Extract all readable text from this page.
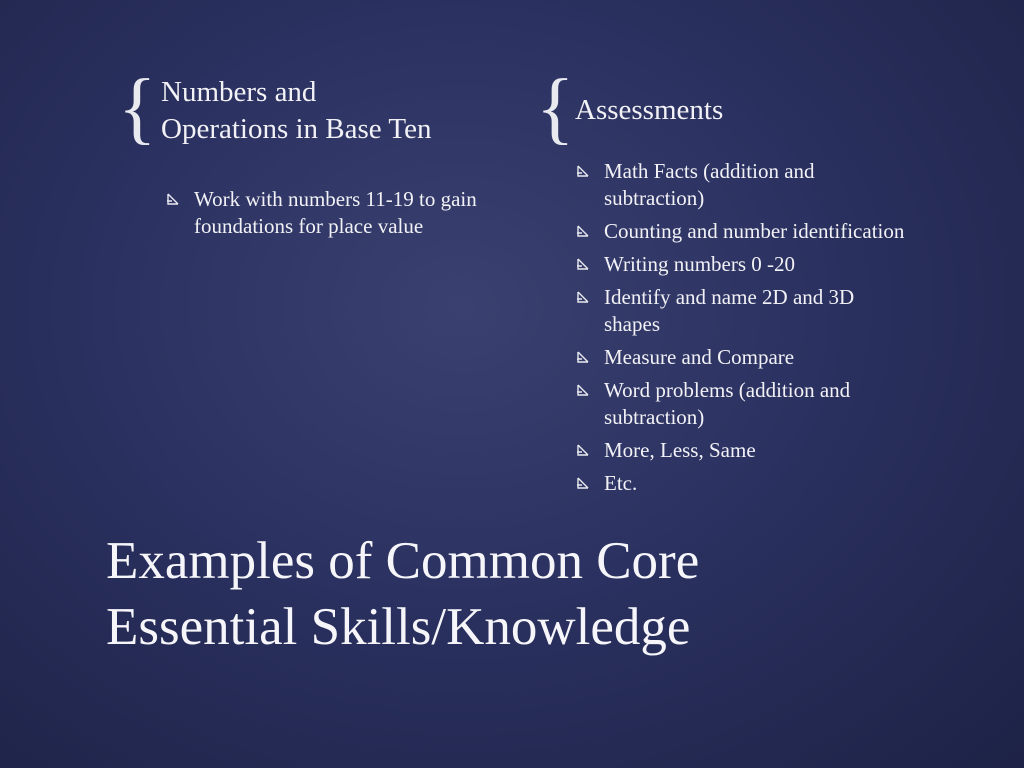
{ Numbers and
Operations in Base Ten
Work with numbers 11-19 to gain foundations for place value
{ Assessments
Math Facts (addition and subtraction)
Counting and number identification
Writing numbers 0 -20
Identify and name 2D and 3D shapes
Measure and Compare
Word problems (addition and subtraction)
More, Less, Same
Etc.
Examples of Common Core
Essential Skills/Knowledge
